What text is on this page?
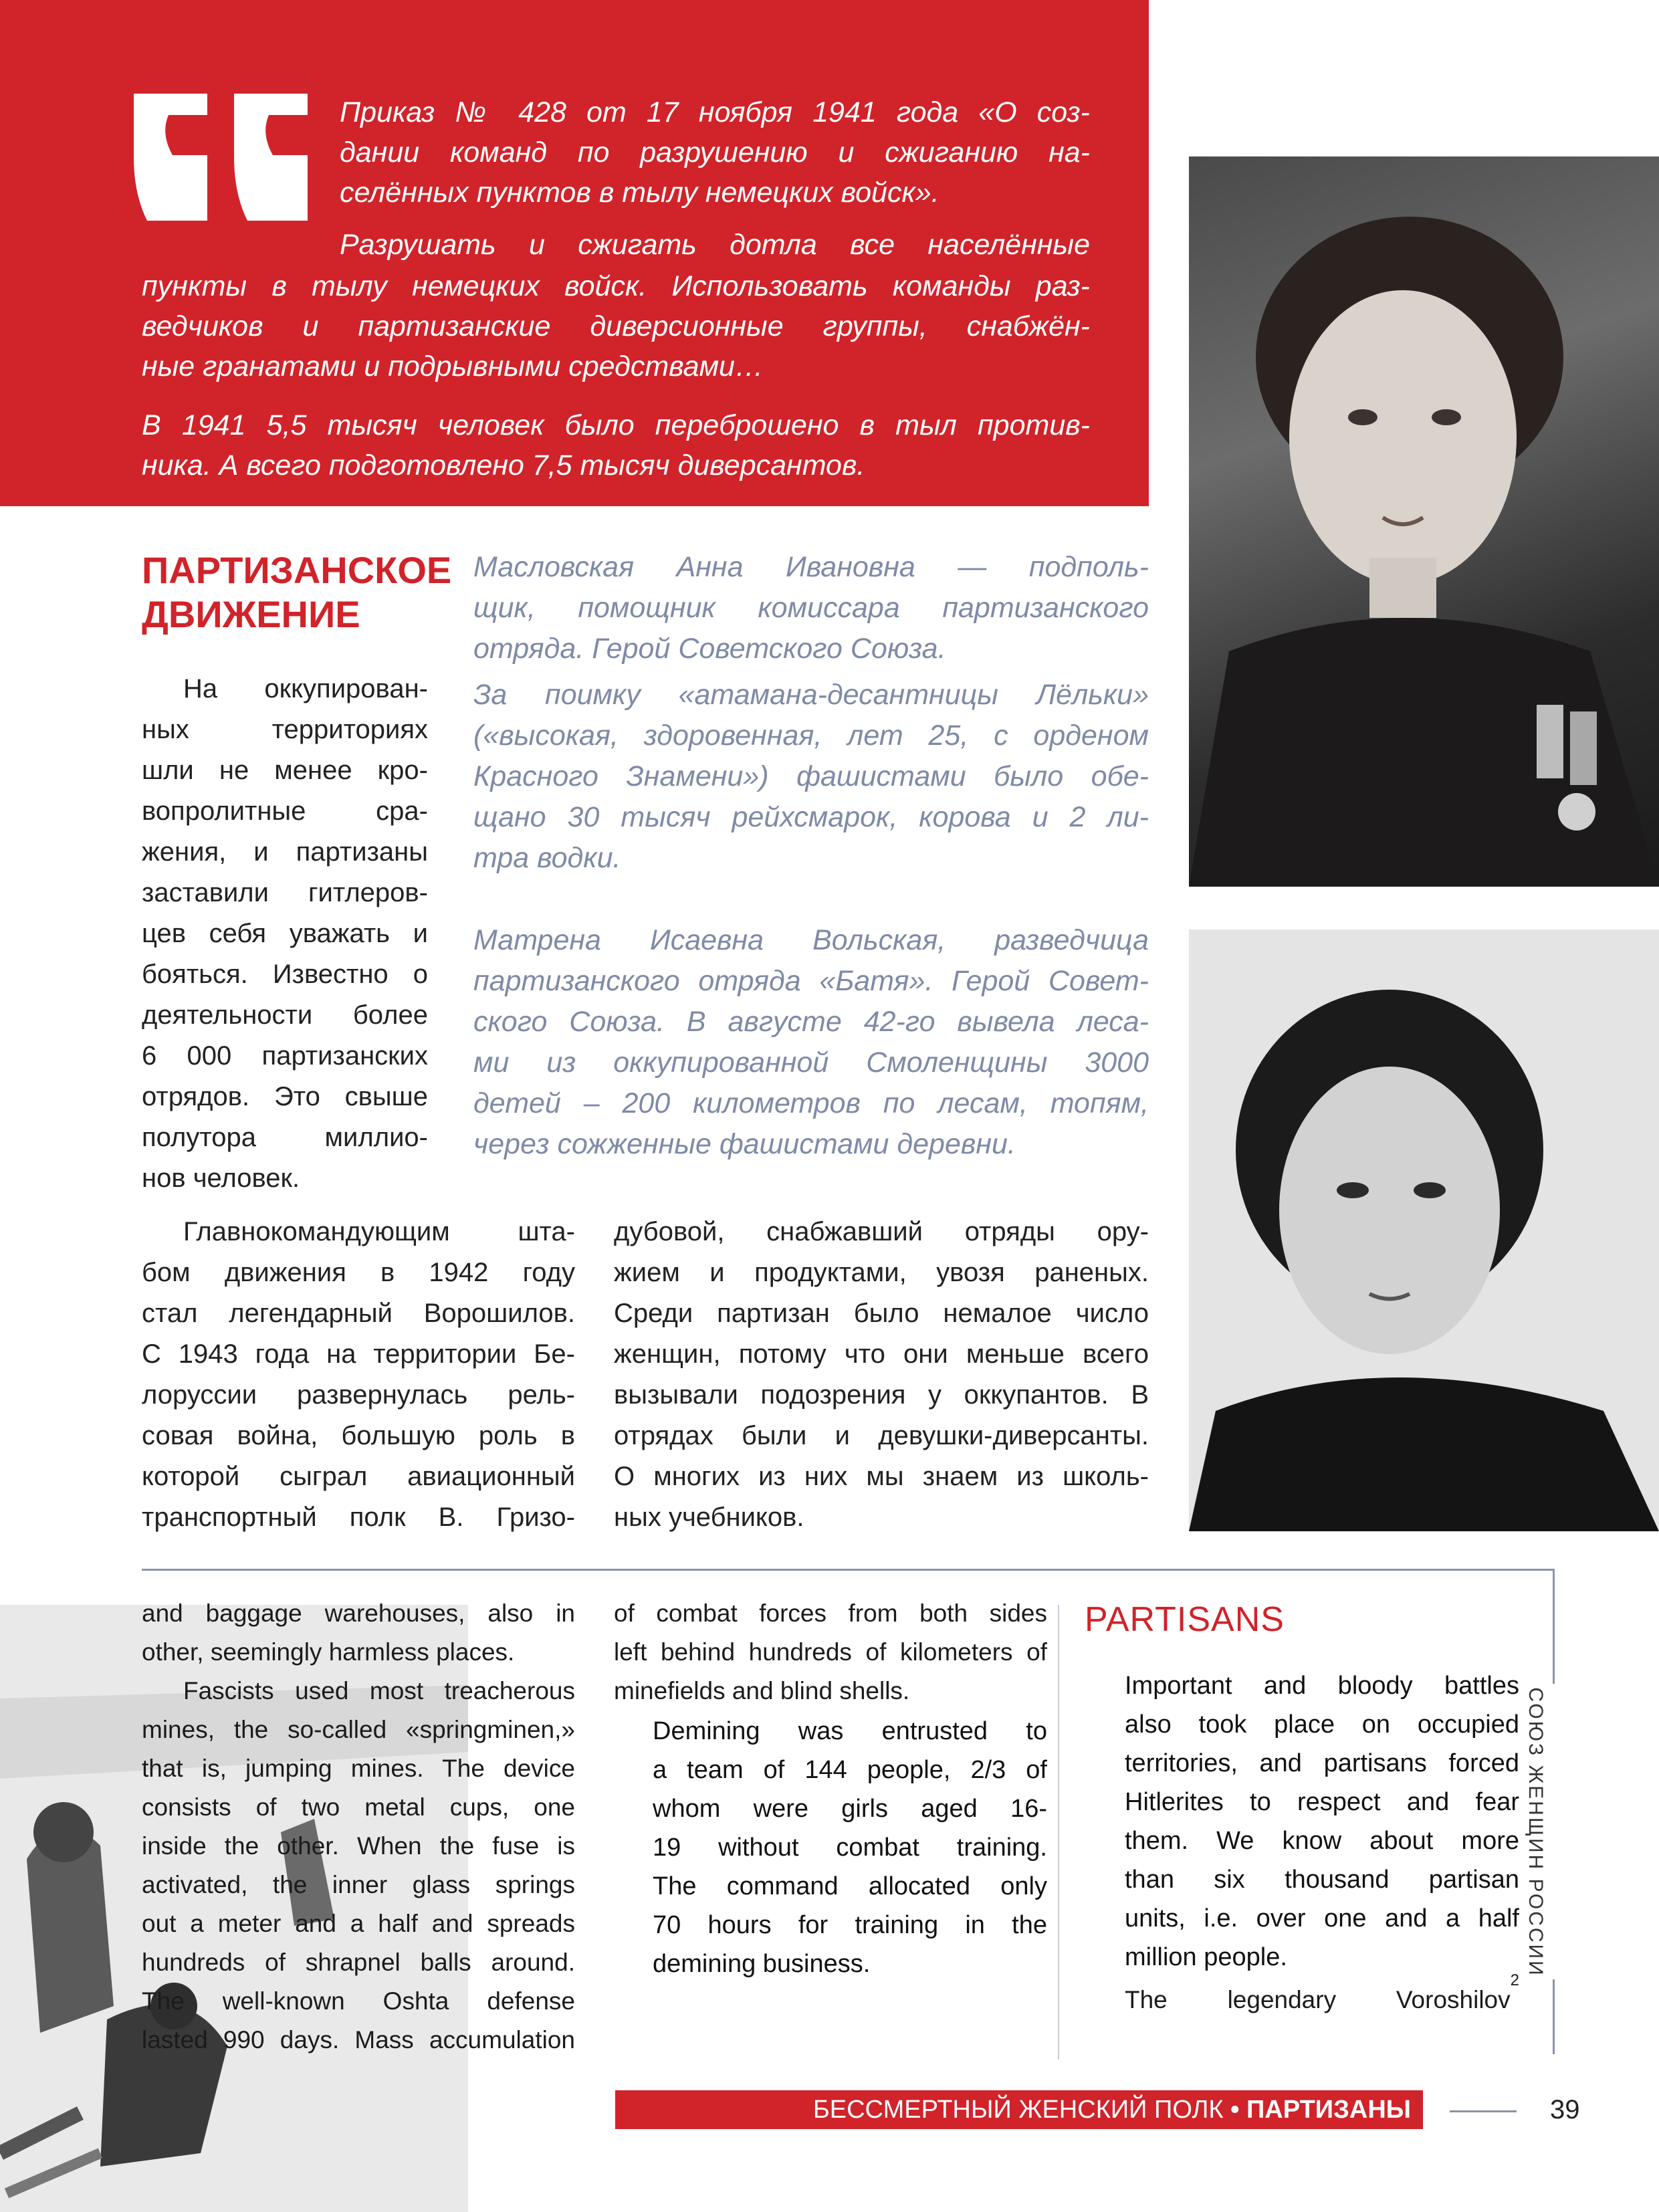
Приказ № 428 от 17 ноября 1941 года «О соз-
дании команд по разрушению и сжиганию на-
селённых пунктов в тылу немецких войск».
Разрушать и сжигать дотла все населённые
пункты в тылу немецких войск. Использовать команды раз-
ведчиков и партизанские диверсионные группы, снабжён-
ные гранатами и подрывными средствами…
В 1941 5,5 тысяч человек было переброшено в тыл против-
ника. А всего подготовлено 7,5 тысяч диверсантов.
ПАРТИЗАНСКОЕ
ДВИЖЕНИЕ
На оккупирован-
ных территориях
шли не менее кро-
вопролитные сра-
жения, и партизаны
заставили гитлеров-
цев себя уважать и
бояться. Известно о
деятельности более
6 000 партизанских
отрядов. Это свыше
полутора миллио-
нов человек.
Главнокомандующим шта-
бом движения в 1942 году
стал легендарный Ворошилов.
С 1943 года на территории Бе-
лоруссии развернулась рель-
совая война, большую роль в
которой сыграл авиационный
транспортный полк В. Гризо-
дубовой, снабжавший отряды ору-
жием и продуктами, увозя раненых.
Среди партизан было немалое число
женщин, потому что они меньше всего
вызывали подозрения у оккупантов. В
отрядах были и девушки-диверсанты.
О многих из них мы знаем из школь-
ных учебников.
Масловская Анна Ивановна — подполь-
щик, помощник комиссара партизанского
отряда. Герой Советского Союза.
За поимку «атамана-десантницы Лёльки»
(«высокая, здоровенная, лет 25, с орденом
Красного Знамени») фашистами было обе-
щано 30 тысяч рейхсмарок, корова и 2 ли-
тра водки.
Матрена Исаевна Вольская, разведчица
партизанского отряда «Батя». Герой Совет-
ского Союза. В августе 42-го вывела леса-
ми из оккупированной Смоленщины 3000
детей – 200 километров по лесам, топям,
через сожженные фашистами деревни.
and baggage warehouses, also in
other, seemingly harmless places.
Fascists used most treacherous
mines, the so-called «springminen,»
that is, jumping mines. The device
consists of two metal cups, one
inside the other. When the fuse is
activated, the inner glass springs
out a meter and a half and spreads
hundreds of shrapnel balls around.
The well-known Oshta defense
lasted 990 days. Mass accumulation
of combat forces from both sides
left behind hundreds of kilometers of
minefields and blind shells.
Demining was entrusted to
a team of 144 people, 2/3 of
whom were girls aged 16-
19 without combat training.
The command allocated only
70 hours for training in the
demining business.
PARTISANS
Important and bloody battles
also took place on occupied
territories, and partisans forced
Hitlerites to respect and fear
them. We know about more
than six thousand partisan
units, i.e. over one and a half
million people.
The legendary Voroshilov
2
СОЮЗ ЖЕНЩИН РОССИИ
БЕССМЕРТНЫЙ ЖЕНСКИЙ ПОЛК • ПАРТИЗАНЫ	39
